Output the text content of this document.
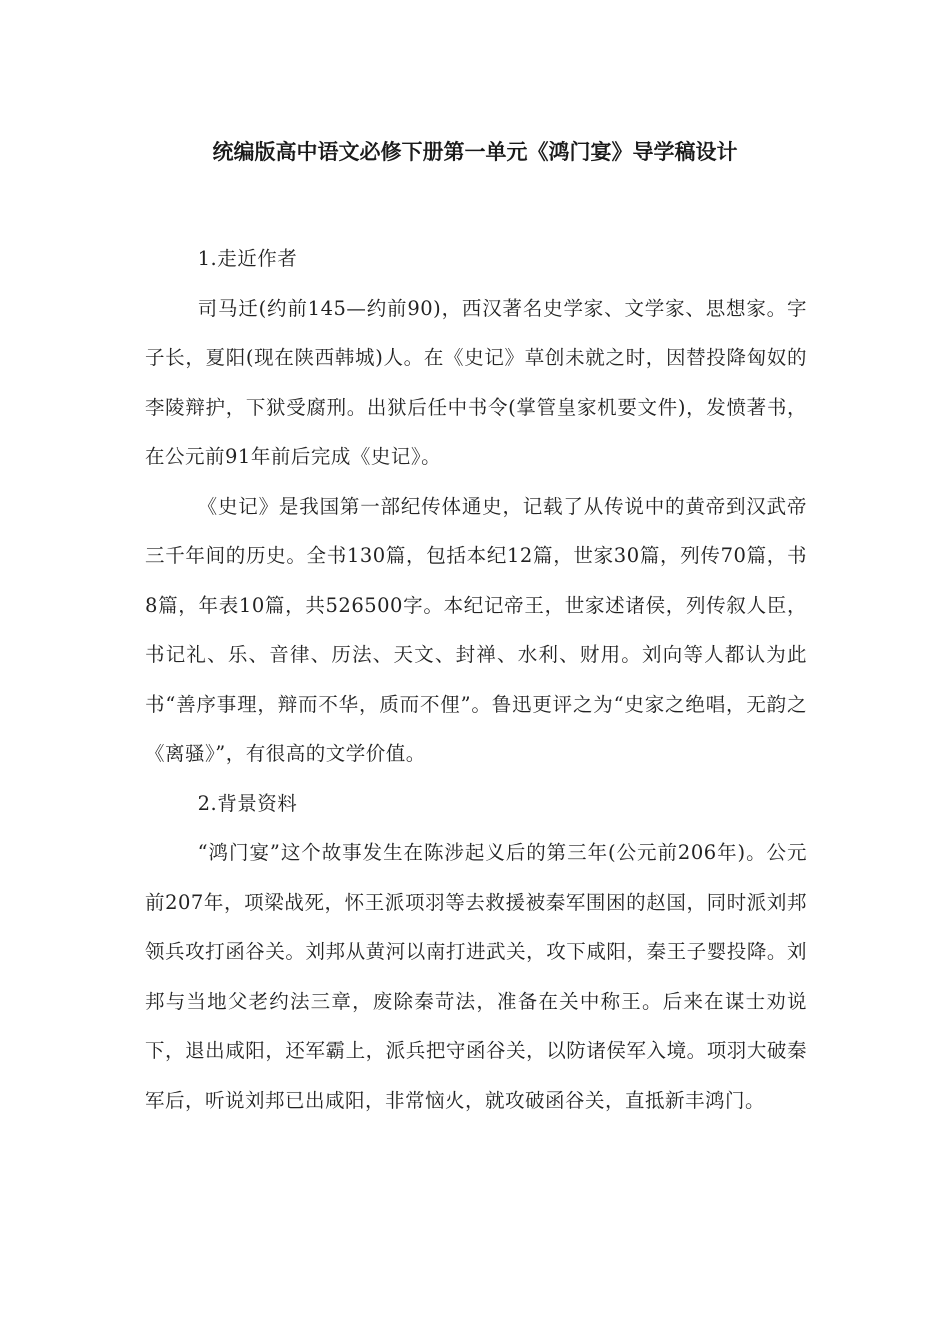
统编版高中语文必修下册第一单元《鸿门宴》导学稿设计
1.走近作者

司马迁(约前145—约前90)，西汉著名史学家、文学家、思想家。字子长，夏阳(现在陕西韩城)人。在《史记》草创未就之时，因替投降匈奴的李陵辩护，下狱受腐刑。出狱后任中书令(掌管皇家机要文件)，发愤著书，在公元前91年前后完成《史记》。

《史记》是我国第一部纪传体通史，记载了从传说中的黄帝到汉武帝三千年间的历史。全书130篇，包括本纪12篇，世家30篇，列传70篇，书8篇，年表10篇，共526500字。本纪记帝王，世家述诸侯，列传叙人臣，书记礼、乐、音律、历法、天文、封禅、水利、财用。刘向等人都认为此书“善序事理，辩而不华，质而不俚”。鲁迅更评之为“史家之绝唱，无韵之《离骚》”，有很高的文学价值。

2.背景资料

“鸿门宴”这个故事发生在陈涉起义后的第三年(公元前206年)。公元前207年，项梁战死，怀王派项羽等去救援被秦军围困的赵国，同时派刘邦领兵攻打函谷关。刘邦从黄河以南打进武关，攻下咸阳，秦王子婴投降。刘邦与当地父老约法三章，废除秦苛法，准备在关中称王。后来在谋士劝说下，退出咸阳，还军霸上，派兵把守函谷关，以防诸侯军入境。项羽大破秦军后，听说刘邦已出咸阳，非常恼火，就攻破函谷关，直抵新丰鸿门。
